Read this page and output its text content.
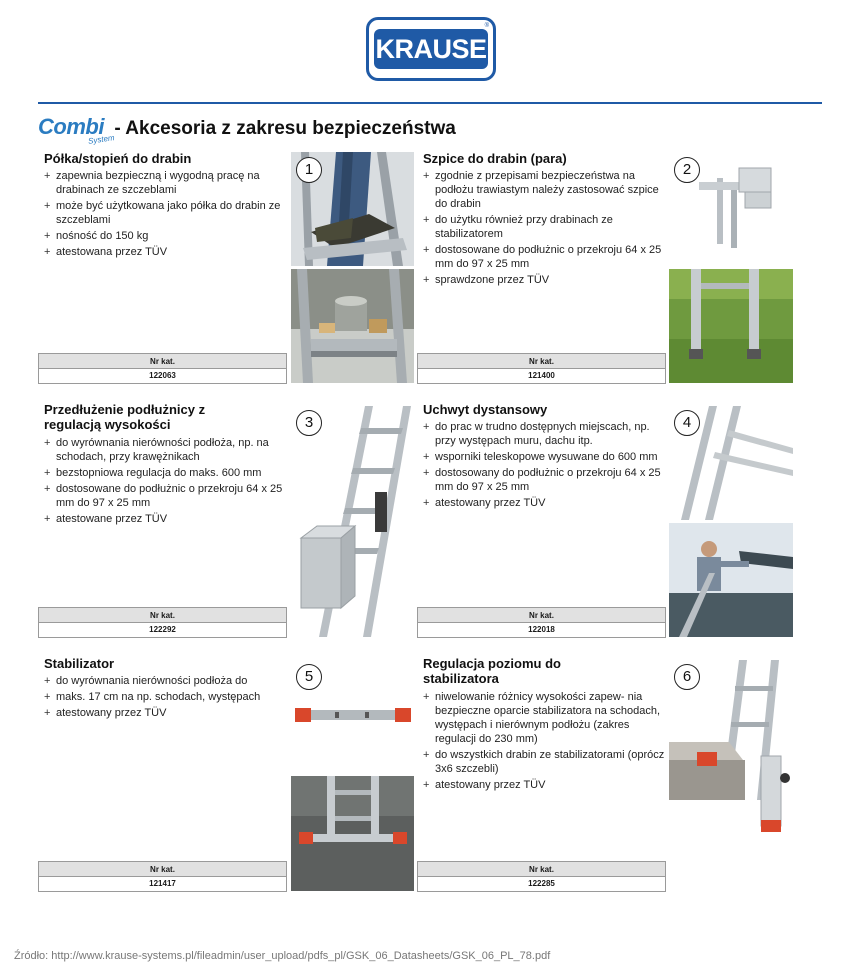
KRAUSE
®
Combi
System
- Akcesoria z zakresu bezpieczeństwa
Półka/stopień do drabin
+ zapewnia bezpieczną i wygodną pracę na drabinach ze szczeblami
+ może być użytkowana jako półka do drabin ze szczeblami
+ nośność do 150 kg
+ atestowana przez TÜV
Nr kat.
122063
1
Szpice do drabin (para)
+ zgodnie z przepisami bezpieczeństwa na podłożu trawiastym należy zastosować szpice do drabin
+ do użytku również przy drabinach ze stabilizatorem
+ dostosowane do podłużnic o przekroju 64 x 25 mm do 97 x 25 mm
+ sprawdzone przez TÜV
Nr kat.
121400
2
Przedłużenie podłużnicy z regulacją wysokości
+ do wyrównania nierówności podłoża, np. na schodach, przy krawężnikach
+ bezstopniowa regulacja do maks. 600 mm
+ dostosowane do podłużnic o przekroju 64 x 25 mm do 97 x 25 mm
+ atestowane przez TÜV
Nr kat.
122292
3
Uchwyt dystansowy
+ do prac w trudno dostępnych miejscach, np. przy występach muru, dachu itp.
+ wsporniki teleskopowe wysuwane do 600 mm
+ dostosowany do podłużnic o przekroju 64 x 25 mm do 97 x 25 mm
+ atestowany przez TÜV
Nr kat.
122018
4
Stabilizator
+ do wyrównania nierówności podłoża do
+ maks. 17 cm na np. schodach, występach
+ atestowany przez TÜV
Nr kat.
121417
5
Regulacja poziomu do stabilizatora
+ niwelowanie różnicy wysokości zapew- nia bezpieczne oparcie stabilizatora na schodach, występach i nierównym podłożu (zakres regulacji do 230 mm)
+ do wszystkich drabin ze stabilizatorami (oprócz 3x6 szczebli)
+ atestowany przez TÜV
Nr kat.
122285
6
Źródło: http://www.krause-systems.pl/fileadmin/user_upload/pdfs_pl/GSK_06_Datasheets/GSK_06_PL_78.pdf
